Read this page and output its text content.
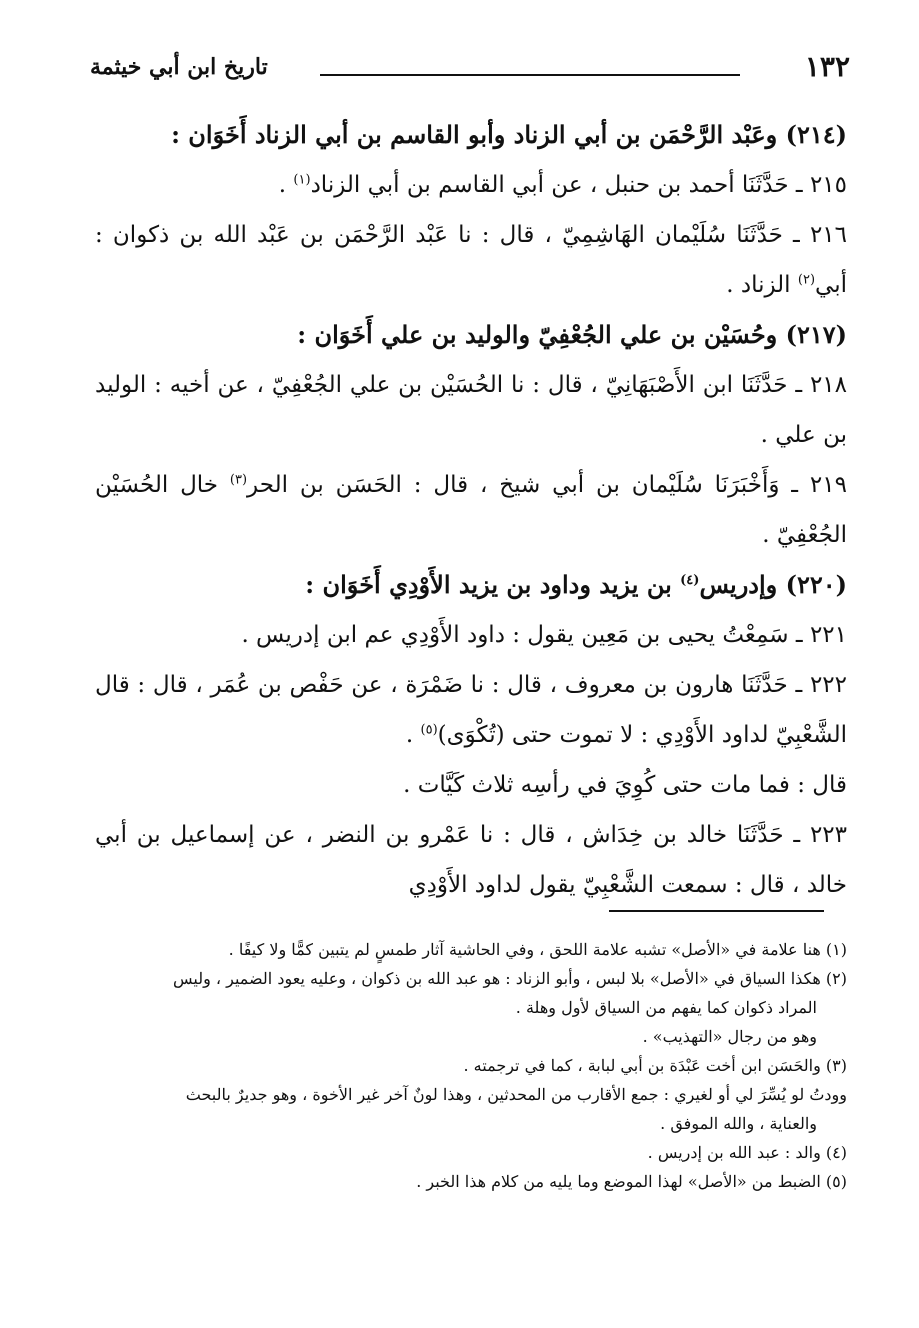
١٣٢
تاريخ ابن أبي خيثمة

(٢١٤) وعَبْد الرَّحْمَن بن أبي الزناد وأبو القاسم بن أبي الزناد أَخَوَان :

٢١٥ ـ حَدَّثَنَا أحمد بن حنبل ، عن أبي القاسم بن أبي الزناد$^{(١)}$ .

٢١٦ ـ حَدَّثَنَا سُلَيْمان الهَاشِمِيّ ، قال : نا عَبْد الرَّحْمَن بن عَبْد الله بن ذكوان : أبي$^{(٢)}$ الزناد .

(٢١٧) وحُسَيْن بن علي الجُعْفِيّ والوليد بن علي أَخَوَان :

٢١٨ ـ حَدَّثَنَا ابن الأَصْبَهَانِيّ ، قال : نا الحُسَيْن بن علي الجُعْفِيّ ، عن أخيه : الوليد بن علي .

٢١٩ ـ وَأَخْبَرَنَا سُلَيْمان بن أبي شيخ ، قال : الحَسَن بن الحر$^{(٣)}$ خال الحُسَيْن الجُعْفِيّ .

(٢٢٠) وإدريس$^{(٤)}$ بن يزيد وداود بن يزيد الأَوْدِي أَخَوَان :

٢٢١ ـ سَمِعْتُ يحيى بن مَعِين يقول : داود الأَوْدِي عم ابن إدريس .

٢٢٢ ـ حَدَّثَنَا هارون بن معروف ، قال : نا ضَمْرَة ، عن حَفْص بن عُمَر ، قال : قال الشَّعْبِيّ لداود الأَوْدِي : لا تموت حتى (تُكْوَى)$^{(٥)}$ .

قال : فما مات حتى كُوِيَ في رأسِه ثلاث كَيَّات .

٢٢٣ ـ حَدَّثَنَا خالد بن خِدَاش ، قال : نا عَمْرو بن النضر ، عن إسماعيل بن أبي خالد ، قال : سمعت الشَّعْبِيّ يقول لداود الأَوْدِي

(١) هنا علامة في «الأصل» تشبه علامة اللحق ، وفي الحاشية آثار طمسٍ لم يتبين كمًّا ولا كيفًا .

(٢) هكذا السياق في «الأصل» بلا لبس ، وأبو الزناد : هو عبد الله بن ذكوان ، وعليه يعود الضمير ، وليس

المراد ذكوان كما يفهم من السياق لأول وهلة .

وهو من رجال «التهذيب» .

(٣) والحَسَن ابن أخت عَبْدَة بن أبي لبابة ، كما في ترجمته .

وودتُ لو يُسِّرَ لي أو لغيري : جمع الأقارب من المحدثين ، وهذا لونٌ آخر غير الأخوة ، وهو جديرٌ بالبحث

والعناية ، والله الموفق .

(٤) والد : عبد الله بن إدريس .

(٥) الضبط من «الأصل» لهذا الموضع وما يليه من كلام هذا الخبر .
